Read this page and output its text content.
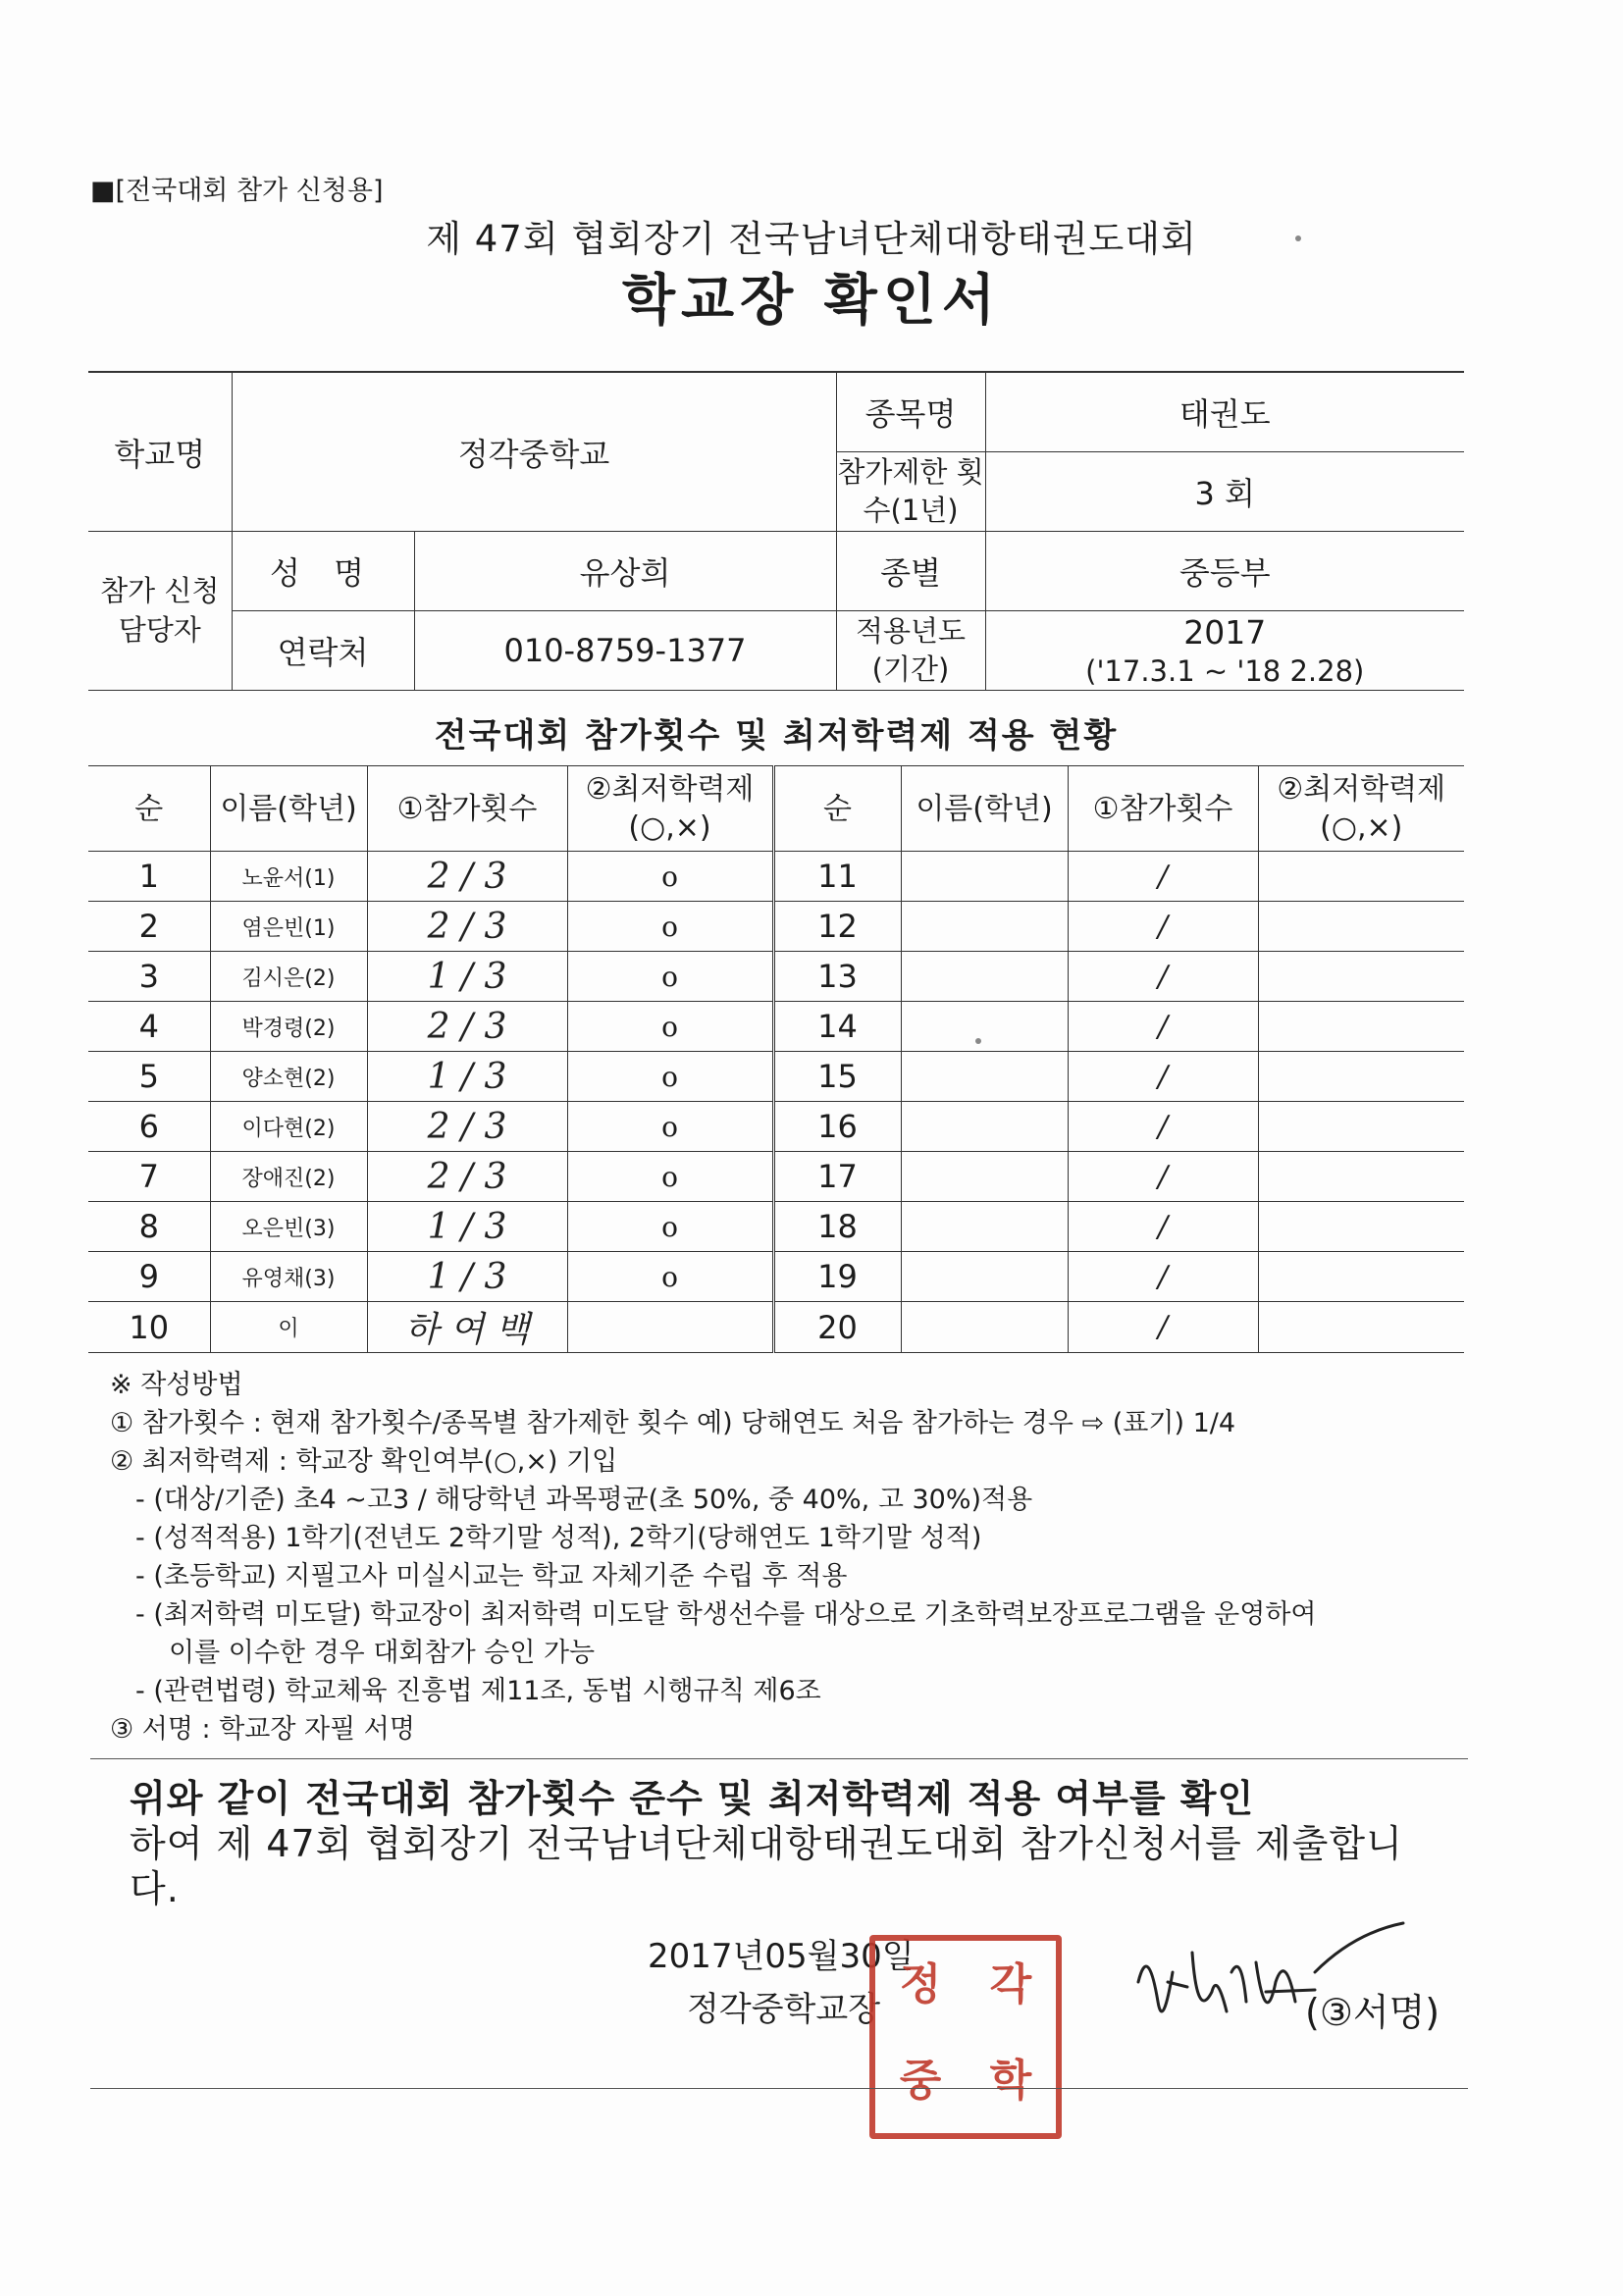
■[전국대회 참가 신청용]
제 47회 협회장기 전국남녀단체대항태권도대회
학교장 확인서
학교명	정각중학교		종목명	태권도
			참가제한 횟수(1년)	3 회
참가 신청 담당자	성 명	유상희	종별	중등부
	연락처	010-8759-1377	적용년도 (기간)	2017
('17.3.1 ~ '18 2.28)
전국대회 참가횟수 및 최저학력제 적용 현황
순	이름(학년)	①참가횟수	②최저학력제 (○,×)	순	이름(학년)	①참가횟수	②최저학력제 (○,×)
1	노윤서(1)	2 / 3	o	11		/	
2	염은빈(1)	2 / 3	o	12		/	
3	김시은(2)	1 / 3	o	13		/	
4	박경령(2)	2 / 3	o	14		/	
5	양소현(2)	1 / 3	o	15		/	
6	이다현(2)	2 / 3	o	16		/	
7	장애진(2)	2 / 3	o	17		/	
8	오은빈(3)	1 / 3	o	18		/	
9	유영채(3)	1 / 3	o	19		/	
10	이	하 여 백		20		/	
※ 작성방법
① 참가횟수 : 현재 참가횟수/종목별 참가제한 횟수 예) 당해연도 처음 참가하는 경우 ⇨ (표기) 1/4
② 최저학력제 : 학교장 확인여부(○,×) 기입
- (대상/기준) 초4 ~고3 / 해당학년 과목평균(초 50%, 중 40%, 고 30%)적용
- (성적적용) 1학기(전년도 2학기말 성적), 2학기(당해연도 1학기말 성적)
- (초등학교) 지필고사 미실시교는 학교 자체기준 수립 후 적용
- (최저학력 미도달) 학교장이 최저학력 미도달 학생선수를 대상으로 기초학력보장프로그램을 운영하여
이를 이수한 경우 대회참가 승인 가능
- (관련법령) 학교체육 진흥법 제11조, 동법 시행규칙 제6조
③ 서명 : 학교장 자필 서명
위와 같이 전국대회 참가횟수 준수 및 최저학력제 적용 여부를 확인
하여 제 47회 협회장기 전국남녀단체대항태권도대회 참가신청서를 제출합니
다.
2017년05월30일
정각중학교장 정	각
중	학
(③서명)
